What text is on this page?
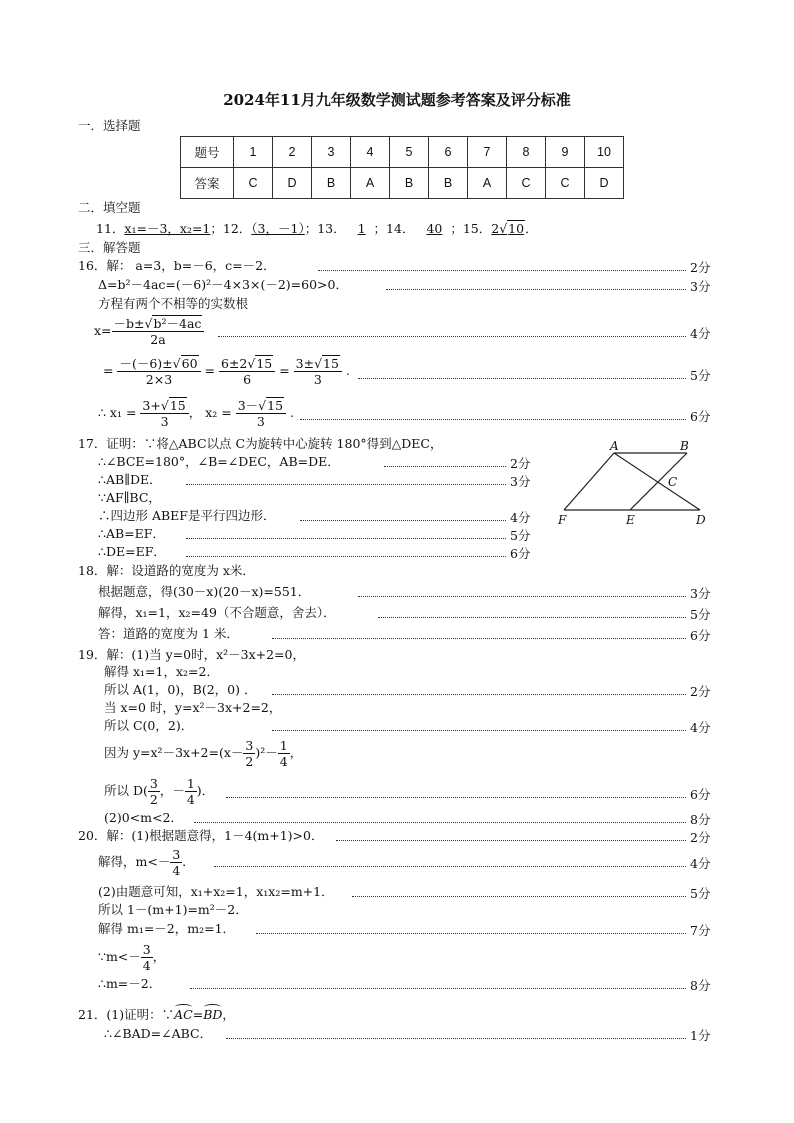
2024年11月九年级数学测试题参考答案及评分标准
一．选择题
题号	1	2	3	4	5	6	7	8	9	10
答案	C	D	B	A	B	B	A	C	C	D
二．填空题
11．x₁=－3，x₂=1；12．（3，－1）；13． 1 ；14． 40 ；15．2√10．
三．解答题
16．解： a=3，b=－6，c=－2．	2分
Δ=b²－4ac=(－6)²－4×3×(－2)=60>0．	3分
方程有两个不相等的实数根
$x= \frac{\text{－b±√b²－4ac}}{2a}$	4分
= $\frac{-(-6)\pm√60}{2\times 3} = \frac{6\pm 2√15}{6} = \frac{3\pm√15}{3}$ .	5分
∴ $x_1 = \frac{3+√15}{3}$ ， $x_2 = \frac{3-√15}{3}$ .	6分
17．证明：∵将△ABC以点 C为旋转中心旋转 180°得到△DEC，
∴∠BCE=180°，∠B=∠DEC，AB=DE．	2分
∴AB∥DE．	3分
∵AF∥BC，
∴四边形 ABEF是平行四边形．	4分
∴AB=EF．	5分
∴DE=EF．	6分
A	B
C
D
E
F
18．解：设道路的宽度为 x米．
根据题意，得(30－x)(20－x)=551．	3分
解得，x₁=1，x₂=49（不合题意，舍去）．	5分
答：道路的宽度为 1 米．	6分
19．解：(1)当 y=0时，x²－3x+2=0，
解得 x₁=1，x₂=2．
所以 A(1，0)，B(2，0) ．	2分
当 x=0 时，y=x²－3x+2=2，
所以 C(0，2)．	4分
因为 $y=x^2-3x+2=(x- \frac{3}{2} )^2- \frac{1}{4}$ ，
所以 $D( \frac{3}{2}$ ，－ $\frac{1}{4}$ )．	6分
(2)0<m<2．	8分
20．解：(1)根据题意得，1－4(m+1)>0．	2分
解得，$m<- \frac{3}{4}$ ．	4分
(2)由题意可知，x₁+x₂=1，x₁x₂=m+1．	5分
所以 1－(m+1)=m²－2．
解得 m₁=－2，m₂=1．	7分
∵m<－ $\frac{3}{4}$ ，
∴m=－2．	8分
21．(1)证明：∵
AC=
BD，
∴∠BAD=∠ABC．	1分
